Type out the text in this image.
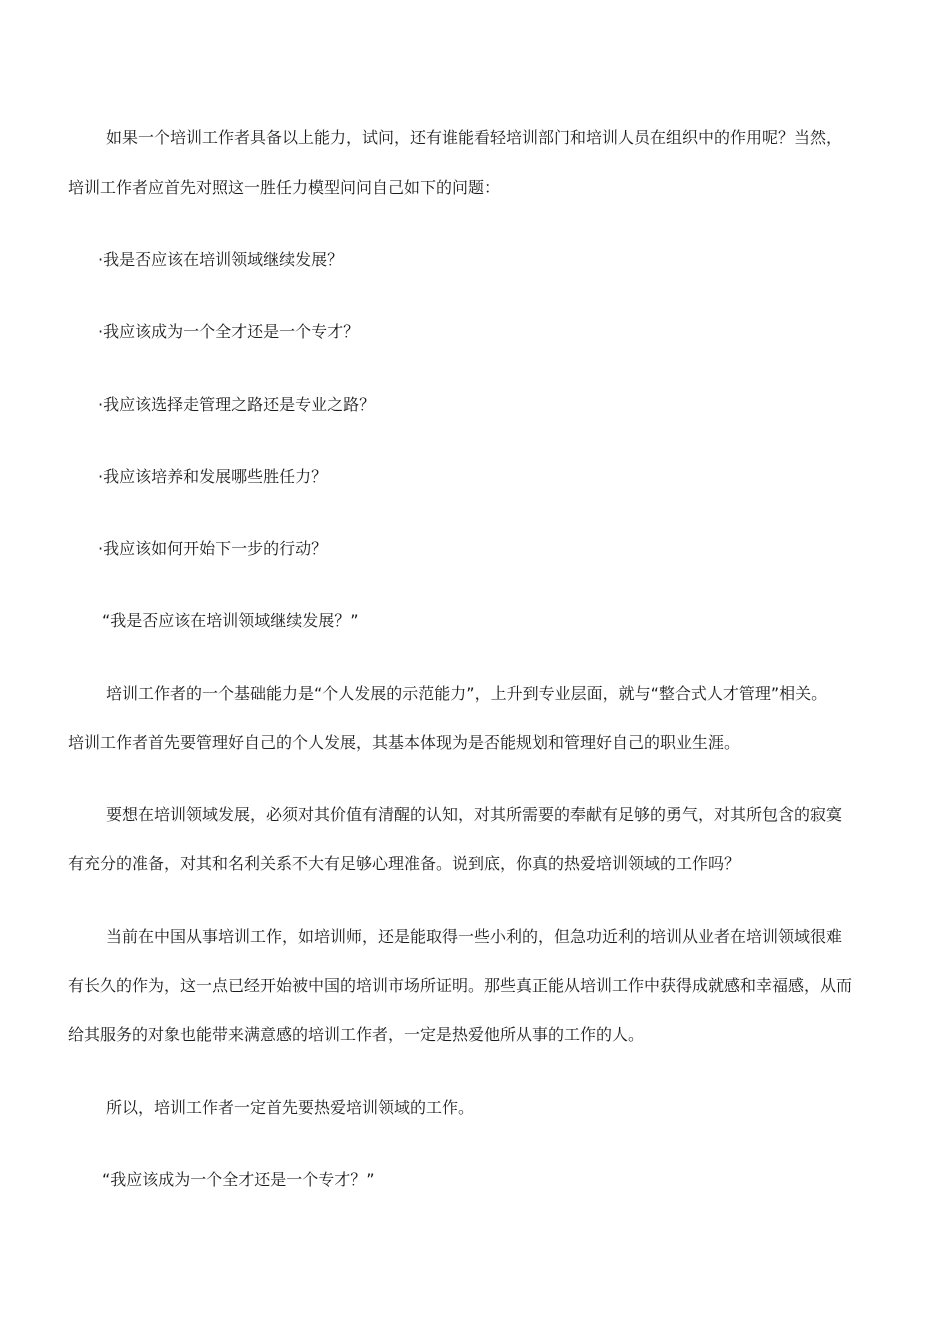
如果一个培训工作者具备以上能力，试问，还有谁能看轻培训部门和培训人员在组织中的作用呢？当然，
培训工作者应首先对照这一胜任力模型问问自己如下的问题：
·我是否应该在培训领域继续发展？
·我应该成为一个全才还是一个专才？
·我应该选择走管理之路还是专业之路？
·我应该培养和发展哪些胜任力？
·我应该如何开始下一步的行动？
“我是否应该在培训领域继续发展？”
培训工作者的一个基础能力是“个人发展的示范能力”，上升到专业层面，就与“整合式人才管理”相关。
培训工作者首先要管理好自己的个人发展，其基本体现为是否能规划和管理好自己的职业生涯。
要想在培训领域发展，必须对其价值有清醒的认知，对其所需要的奉献有足够的勇气，对其所包含的寂寞
有充分的准备，对其和名利关系不大有足够心理准备。说到底，你真的热爱培训领域的工作吗？
当前在中国从事培训工作，如培训师，还是能取得一些小利的，但急功近利的培训从业者在培训领域很难
有长久的作为，这一点已经开始被中国的培训市场所证明。那些真正能从培训工作中获得成就感和幸福感，从而
给其服务的对象也能带来满意感的培训工作者，一定是热爱他所从事的工作的人。
所以，培训工作者一定首先要热爱培训领域的工作。
“我应该成为一个全才还是一个专才？”
